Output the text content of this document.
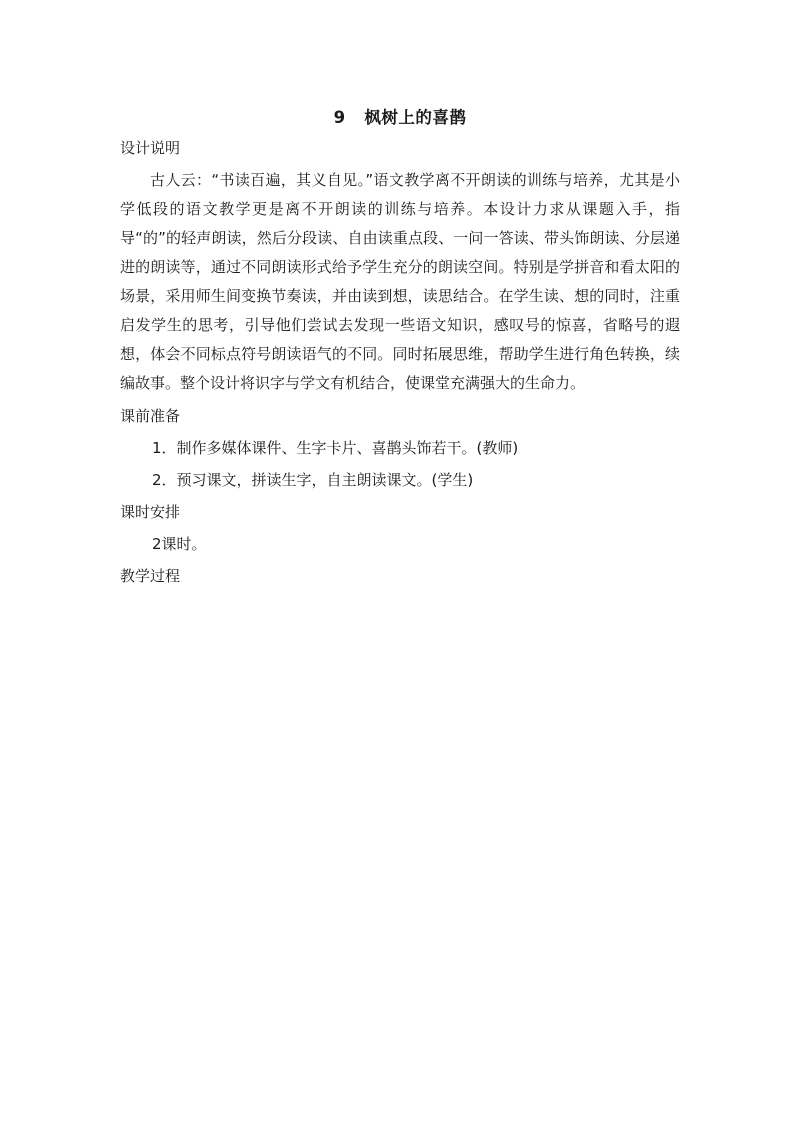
9   枫树上的喜鹊
设计说明

古人云：“书读百遍，其义自见。”语文教学离不开朗读的训练与培养，尤其是小学低段的语文教学更是离不开朗读的训练与培养。本设计力求从课题入手，指导“的”的轻声朗读，然后分段读、自由读重点段、一问一答读、带头饰朗读、分层递进的朗读等，通过不同朗读形式给予学生充分的朗读空间。特别是学拼音和看太阳的场景，采用师生间变换节奏读，并由读到想，读思结合。在学生读、想的同时，注重启发学生的思考，引导他们尝试去发现一些语文知识，感叹号的惊喜，省略号的遐想，体会不同标点符号朗读语气的不同。同时拓展思维，帮助学生进行角色转换，续编故事。整个设计将识字与学文有机结合，使课堂充满强大的生命力。

课前准备
1．制作多媒体课件、生字卡片、喜鹊头饰若干。(教师)
2．预习课文，拼读生字，自主朗读课文。(学生)
课时安排
2课时。
教学过程
